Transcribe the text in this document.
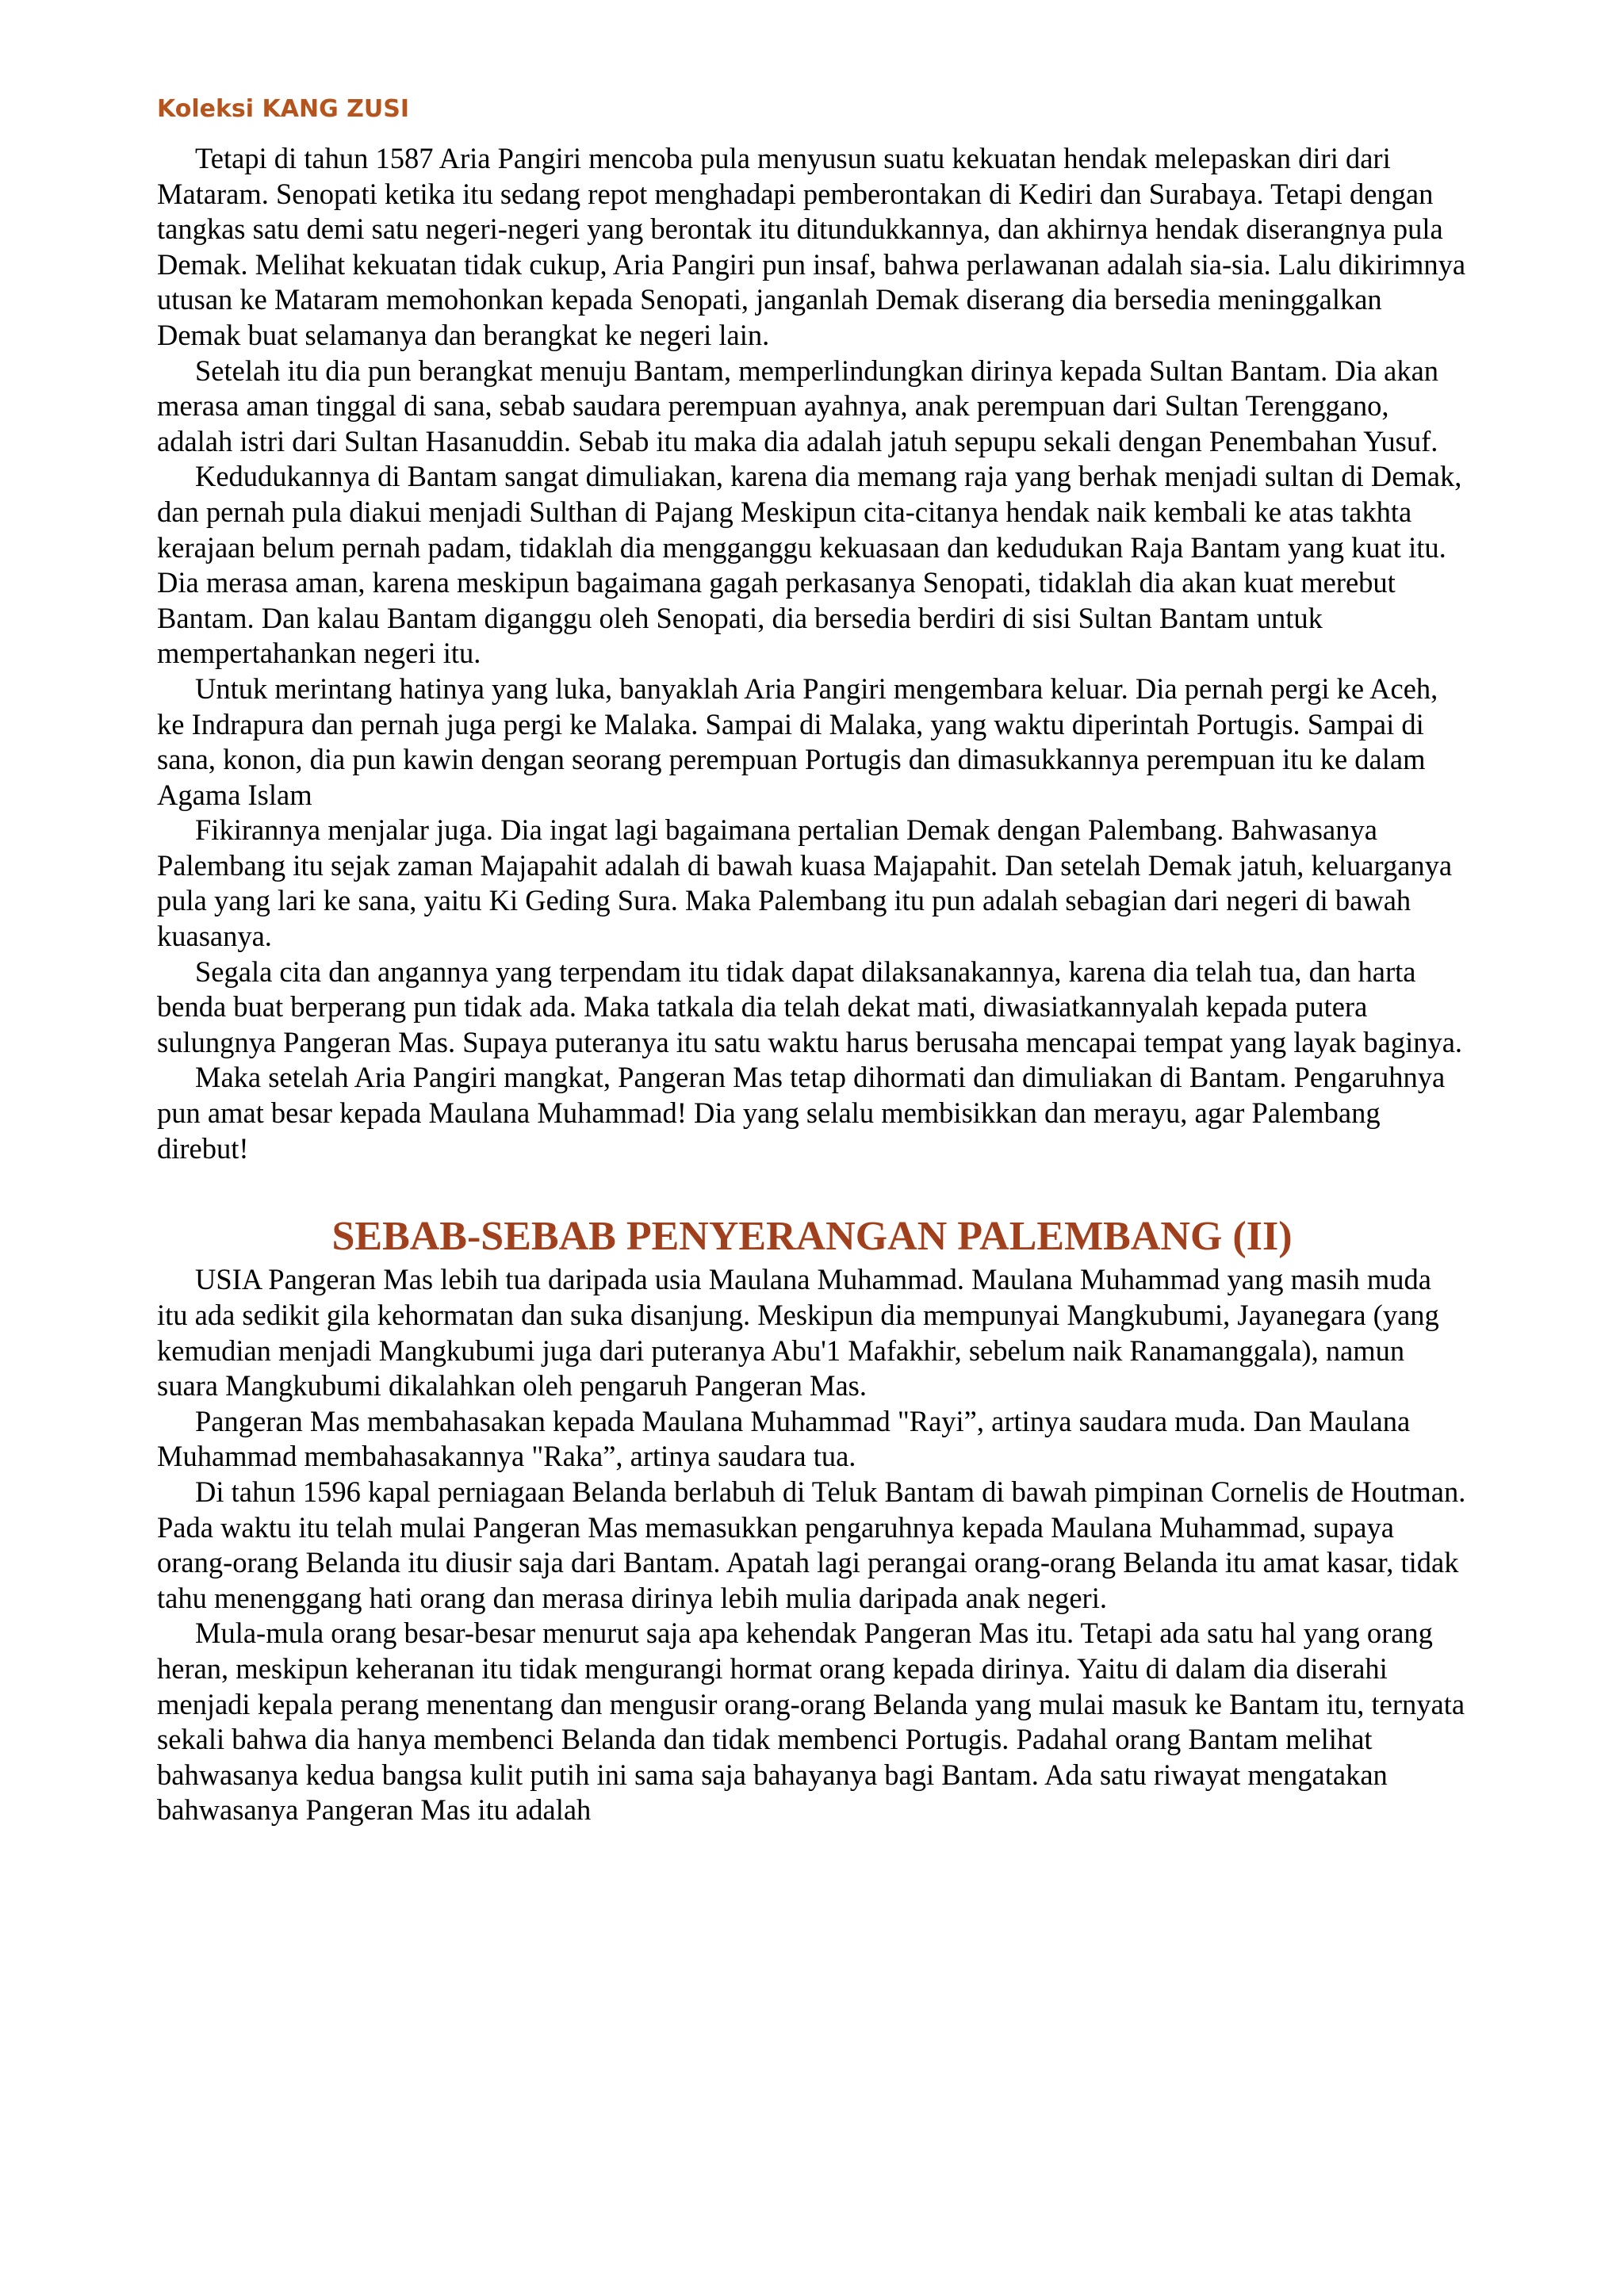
Koleksi KANG ZUSI

Tetapi di tahun 1587 Aria Pangiri mencoba pula menyusun suatu kekuatan hendak melepaskan diri dari Mataram. Senopati ketika itu sedang repot menghadapi pemberontakan di Kediri dan Surabaya. Tetapi dengan tangkas satu demi satu negeri-negeri yang berontak itu ditundukkannya, dan akhirnya hendak diserangnya pula Demak. Melihat kekuatan tidak cukup, Aria Pangiri pun insaf, bahwa perlawanan adalah sia-sia. Lalu dikirimnya utusan ke Mataram memohonkan kepada Senopati, janganlah Demak diserang dia bersedia meninggalkan Demak buat selamanya dan berangkat ke negeri lain.

Setelah itu dia pun berangkat menuju Bantam, memperlindungkan dirinya kepada Sultan Bantam. Dia akan merasa aman tinggal di sana, sebab saudara perempuan ayahnya, anak perempuan dari Sultan Terenggano, adalah istri dari Sultan Hasanuddin. Sebab itu maka dia adalah jatuh sepupu sekali dengan Penembahan Yusuf.

Kedudukannya di Bantam sangat dimuliakan, karena dia memang raja yang berhak menjadi sultan di Demak, dan pernah pula diakui menjadi Sulthan di Pajang Meskipun cita-citanya hendak naik kembali ke atas takhta kerajaan belum pernah padam, tidaklah dia mengganggu kekuasaan dan kedudukan Raja Bantam yang kuat itu. Dia merasa aman, karena meskipun bagaimana gagah perkasanya Senopati, tidaklah dia akan kuat merebut Bantam. Dan kalau Bantam diganggu oleh Senopati, dia bersedia berdiri di sisi Sultan Bantam untuk mempertahankan negeri itu.

Untuk merintang hatinya yang luka, banyaklah Aria Pangiri mengembara keluar. Dia pernah pergi ke Aceh, ke Indrapura dan pernah juga pergi ke Malaka. Sampai di Malaka, yang waktu diperintah Portugis. Sampai di sana, konon, dia pun kawin dengan seorang perempuan Portugis dan dimasukkannya perempuan itu ke dalam Agama Islam

Fikirannya menjalar juga. Dia ingat lagi bagaimana pertalian Demak dengan Palembang. Bahwasanya Palembang itu sejak zaman Majapahit adalah di bawah kuasa Majapahit. Dan setelah Demak jatuh, keluarganya pula yang lari ke sana, yaitu Ki Geding Sura. Maka Palembang itu pun adalah sebagian dari negeri di bawah kuasanya.

Segala cita dan angannya yang terpendam itu tidak dapat dilaksanakannya, karena dia telah tua, dan harta benda buat berperang pun tidak ada. Maka tatkala dia telah dekat mati, diwasiatkannyalah kepada putera sulungnya Pangeran Mas. Supaya puteranya itu satu waktu harus berusaha mencapai tempat yang layak baginya.

Maka setelah Aria Pangiri mangkat, Pangeran Mas tetap dihormati dan dimuliakan di Bantam. Pengaruhnya pun amat besar kepada Maulana Muhammad! Dia yang selalu membisikkan dan merayu, agar Palembang direbut!

SEBAB-SEBAB PENYERANGAN PALEMBANG (II)

USIA Pangeran Mas lebih tua daripada usia Maulana Muhammad. Maulana Muhammad yang masih muda itu ada sedikit gila kehormatan dan suka disanjung. Meskipun dia mempunyai Mangkubumi, Jayanegara (yang kemudian menjadi Mangkubumi juga dari puteranya Abu'1 Mafakhir, sebelum naik Ranamanggala), namun suara Mangkubumi dikalahkan oleh pengaruh Pangeran Mas.

Pangeran Mas membahasakan kepada Maulana Muhammad "Rayi”, artinya saudara muda. Dan Maulana Muhammad membahasakannya "Raka”, artinya saudara tua.

Di tahun 1596 kapal perniagaan Belanda berlabuh di Teluk Bantam di bawah pimpinan Cornelis de Houtman. Pada waktu itu telah mulai Pangeran Mas memasukkan pengaruhnya kepada Maulana Muhammad, supaya orang-orang Belanda itu diusir saja dari Bantam. Apatah lagi perangai orang-orang Belanda itu amat kasar, tidak tahu menenggang hati orang dan merasa dirinya lebih mulia daripada anak negeri.

Mula-mula orang besar-besar menurut saja apa kehendak Pangeran Mas itu. Tetapi ada satu hal yang orang heran, meskipun keheranan itu tidak mengurangi hormat orang kepada dirinya. Yaitu di dalam dia diserahi menjadi kepala perang menentang dan mengusir orang-orang Belanda yang mulai masuk ke Bantam itu, ternyata sekali bahwa dia hanya membenci Belanda dan tidak membenci Portugis. Padahal orang Bantam melihat bahwasanya kedua bangsa kulit putih ini sama saja bahayanya bagi Bantam. Ada satu riwayat mengatakan bahwasanya Pangeran Mas itu adalah
